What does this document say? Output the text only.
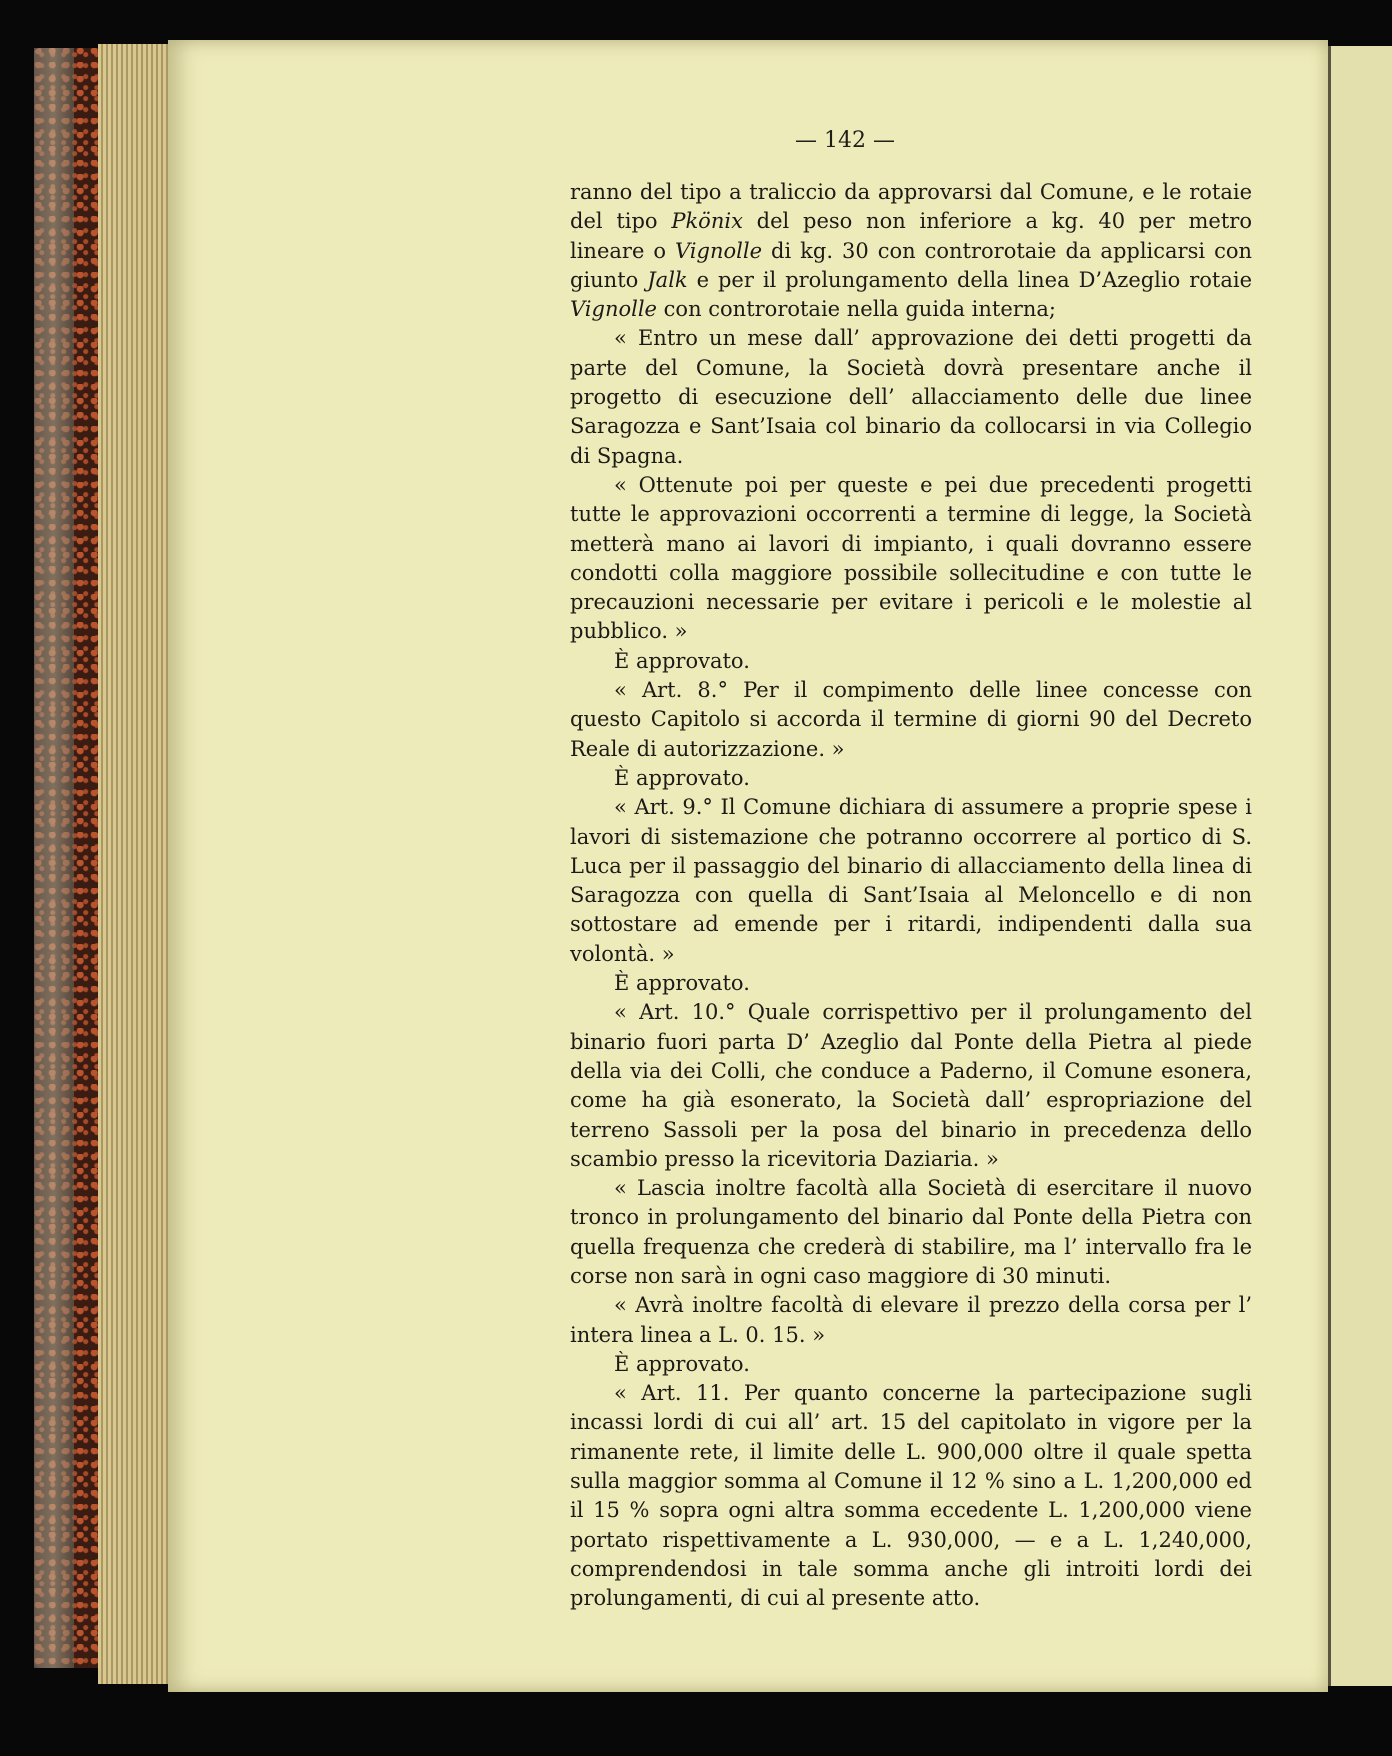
— 142 —

ranno del tipo a traliccio da approvarsi dal Comune, e le rotaie del tipo Pkönix del peso non inferiore a kg. 40 per metro lineare o Vignolle di kg. 30 con controrotaie da applicarsi con giunto Jalk e per il prolungamento della linea D’Azeglio rotaie Vignolle con controrotaie nella guida interna;

« Entro un mese dall’ approvazione dei detti progetti da parte del Comune, la Società dovrà presentare anche il progetto di esecuzione dell’ allacciamento delle due linee Saragozza e Sant’Isaia col binario da collocarsi in via Collegio di Spagna.

« Ottenute poi per queste e pei due precedenti progetti tutte le approvazioni occorrenti a termine di legge, la Società metterà mano ai lavori di impianto, i quali dovranno essere condotti colla maggiore possibile sollecitudine e con tutte le precauzioni necessarie per evitare i pericoli e le molestie al pubblico. »

È approvato.

« Art. 8.° Per il compimento delle linee concesse con questo Capitolo si accorda il termine di giorni 90 del Decreto Reale di autorizzazione. »

È approvato.

« Art. 9.° Il Comune dichiara di assumere a proprie spese i lavori di sistemazione che potranno occorrere al portico di S. Luca per il passaggio del binario di allacciamento della linea di Saragozza con quella di Sant’Isaia al Meloncello e di non sottostare ad emende per i ritardi, indipendenti dalla sua volontà. »

È approvato.

« Art. 10.° Quale corrispettivo per il prolungamento del binario fuori parta D’ Azeglio dal Ponte della Pietra al piede della via dei Colli, che conduce a Paderno, il Comune esonera, come ha già esonerato, la Società dall’ espropriazione del terreno Sassoli per la posa del binario in precedenza dello scambio presso la ricevitoria Daziaria. »

« Lascia inoltre facoltà alla Società di esercitare il nuovo tronco in prolungamento del binario dal Ponte della Pietra con quella frequenza che crederà di stabilire, ma l’ intervallo fra le corse non sarà in ogni caso maggiore di 30 minuti.

« Avrà inoltre facoltà di elevare il prezzo della corsa per l’ intera linea a L. 0. 15. »

È approvato.

« Art. 11. Per quanto concerne la partecipazione sugli incassi lordi di cui all’ art. 15 del capitolato in vigore per la rimanente rete, il limite delle L. 900,000 oltre il quale spetta sulla maggior somma al Comune il 12 % sino a L. 1,200,000 ed il 15 % sopra ogni altra somma eccedente L. 1,200,000 viene portato rispettivamente a L. 930,000, — e a L. 1,240,000, comprendendosi in tale somma anche gli introiti lordi dei prolungamenti, di cui al presente atto.
